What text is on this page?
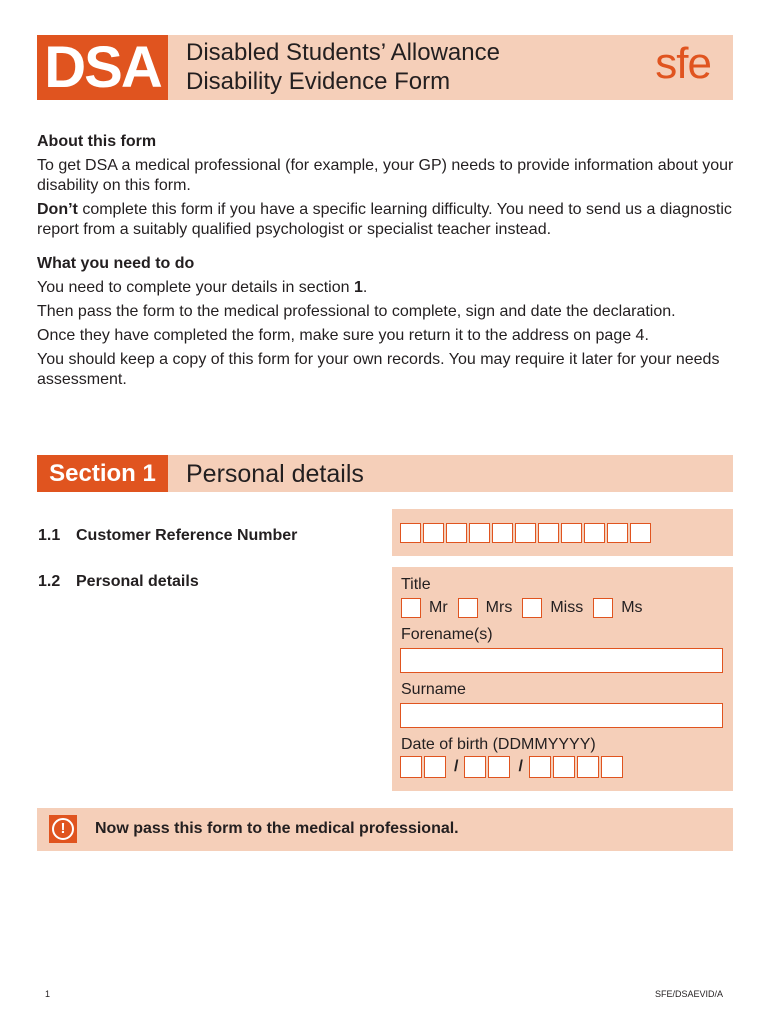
DSA	Disabled Students’ Allowance
Disability Evidence Form	sfe
About this form

To get DSA a medical professional (for example, your GP) needs to provide information about your disability on this form.

Don’t complete this form if you have a specific learning difficulty. You need to send us a diagnostic report from a suitably qualified psychologist or specialist teacher instead.

What you need to do

You need to complete your details in section 1.

Then pass the form to the medical professional to complete, sign and date the declaration.

Once they have completed the form, make sure you return it to the address on page 4.

You should keep a copy of this form for your own records. You may require it later for your needs assessment.

Section 1	Personal details
1.1 Customer Reference Number
1.2 Personal details	Title
Mr Mrs Miss Ms
Forename(s)
Surname
Date of birth (DDMMYYYY)
/	/
!	Now pass this form to the medical professional.
1	SFE/DSAEVID/A
